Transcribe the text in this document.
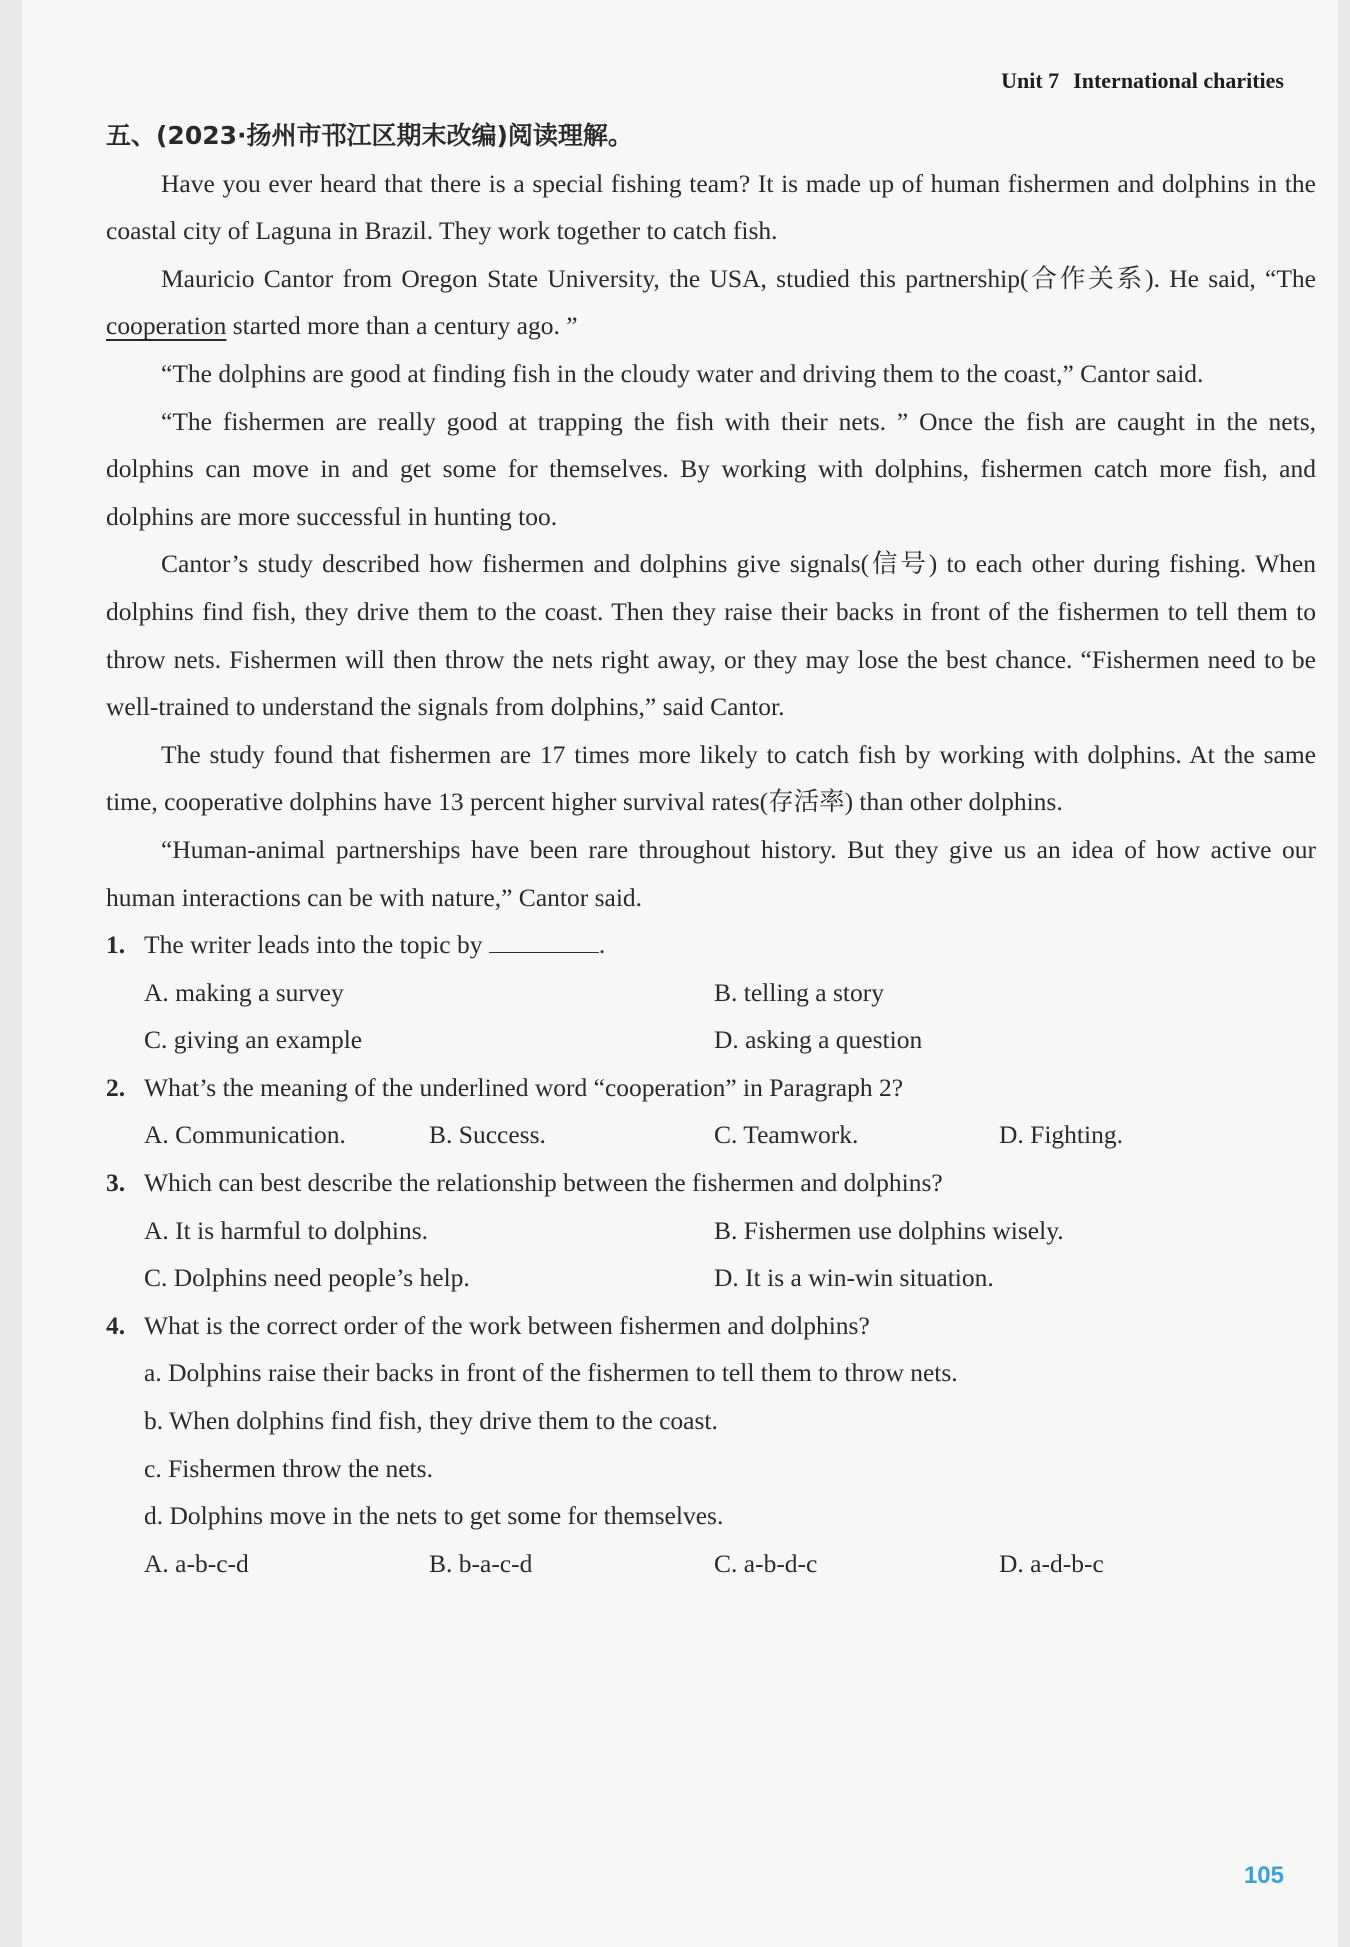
Unit 7 International charities

五、(2023·扬州市邗江区期末改编)阅读理解。

Have you ever heard that there is a special fishing team? It is made up of human fishermen and dolphins in the coastal city of Laguna in Brazil. They work together to catch fish.

Mauricio Cantor from Oregon State University, the USA, studied this partnership(合作关系). He said, “The cooperation started more than a century ago. ”

“The dolphins are good at finding fish in the cloudy water and driving them to the coast,” Cantor said.

“The fishermen are really good at trapping the fish with their nets. ” Once the fish are caught in the nets, dolphins can move in and get some for themselves. By working with dolphins, fishermen catch more fish, and dolphins are more successful in hunting too.

Cantor’s study described how fishermen and dolphins give signals(信号) to each other during fishing. When dolphins find fish, they drive them to the coast. Then they raise their backs in front of the fishermen to tell them to throw nets. Fishermen will then throw the nets right away, or they may lose the best chance. “Fishermen need to be well-trained to understand the signals from dolphins,” said Cantor.

The study found that fishermen are 17 times more likely to catch fish by working with dolphins. At the same time, cooperative dolphins have 13 percent higher survival rates(存活率) than other dolphins.

“Human-animal partnerships have been rare throughout history. But they give us an idea of how active our human interactions can be with nature,” Cantor said.

1. The writer leads into the topic by	.

A. making a survey	B. telling a story
C. giving an example	D. asking a question

2. What’s the meaning of the underlined word “cooperation” in Paragraph 2?

A. Communication.	B. Success.	C. Teamwork.	D. Fighting.

3. Which can best describe the relationship between the fishermen and dolphins?

A. It is harmful to dolphins.	B. Fishermen use dolphins wisely.
C. Dolphins need people’s help.	D. It is a win-win situation.

4. What is the correct order of the work between fishermen and dolphins?

a. Dolphins raise their backs in front of the fishermen to tell them to throw nets.

b. When dolphins find fish, they drive them to the coast.

c. Fishermen throw the nets.

d. Dolphins move in the nets to get some for themselves.

A. a-b-c-d	B. b-a-c-d	C. a-b-d-c	D. a-d-b-c
105
